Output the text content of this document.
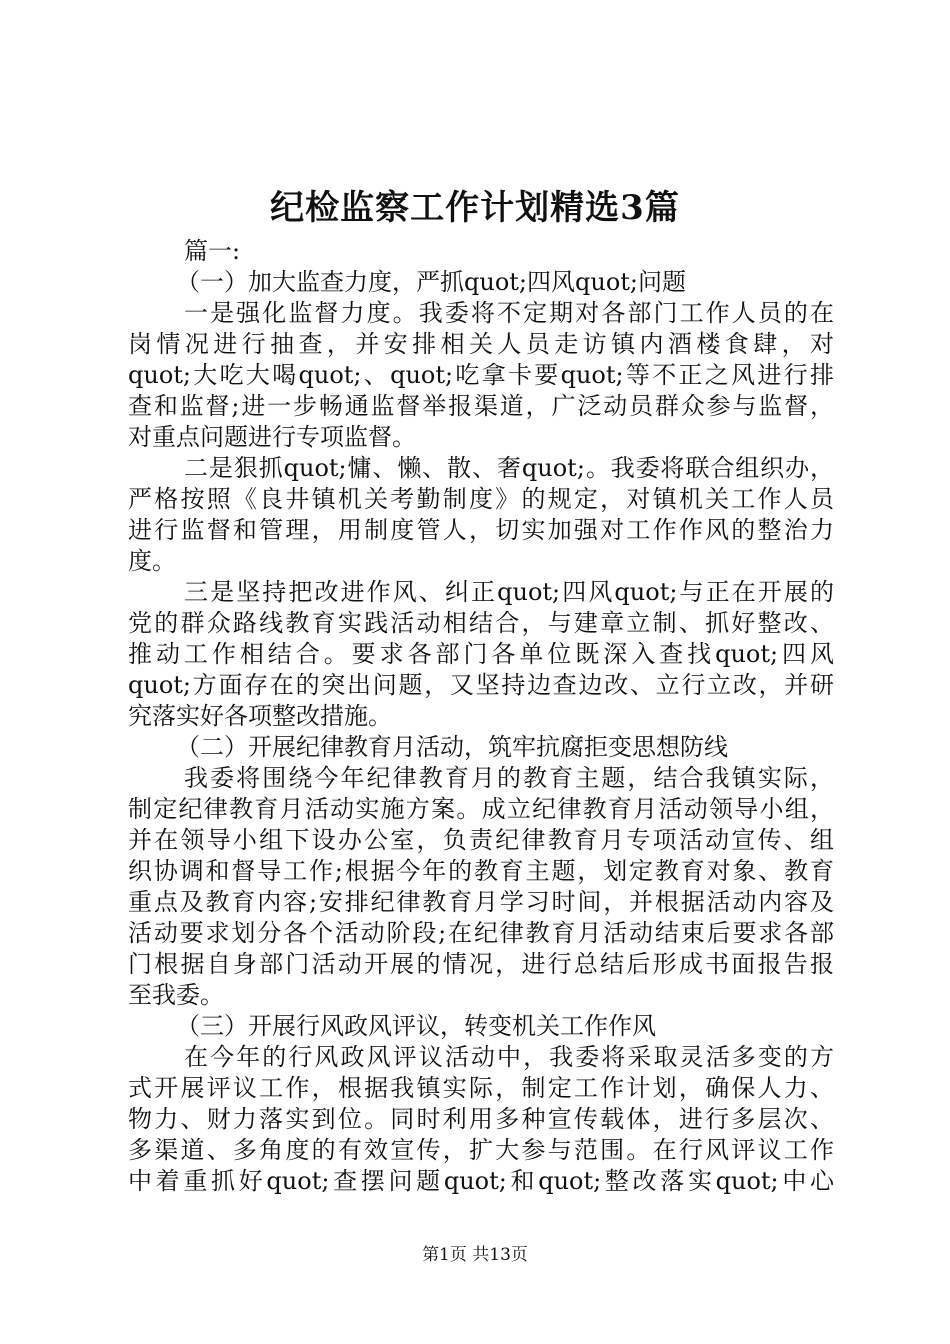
纪检监察工作计划精选3篇
篇一:
（一）加大监查力度，严抓quot;四风quot;问题
一是强化监督力度。我委将不定期对各部门工作人员的在
岗情况进行抽查，并安排相关人员走访镇内酒楼食肆，对
quot;大吃大喝quot;、quot;吃拿卡要quot;等不正之风进行排
查和监督;进一步畅通监督举报渠道，广泛动员群众参与监督，
对重点问题进行专项监督。
二是狠抓quot;慵、懒、散、奢quot;。我委将联合组织办，
严格按照《良井镇机关考勤制度》的规定，对镇机关工作人员
进行监督和管理，用制度管人，切实加强对工作作风的整治力
度。
三是坚持把改进作风、纠正quot;四风quot;与正在开展的
党的群众路线教育实践活动相结合，与建章立制、抓好整改、
推动工作相结合。要求各部门各单位既深入查找quot;四风
quot;方面存在的突出问题，又坚持边查边改、立行立改，并研
究落实好各项整改措施。
（二）开展纪律教育月活动，筑牢抗腐拒变思想防线
我委将围绕今年纪律教育月的教育主题，结合我镇实际，
制定纪律教育月活动实施方案。成立纪律教育月活动领导小组，
并在领导小组下设办公室，负责纪律教育月专项活动宣传、组
织协调和督导工作;根据今年的教育主题，划定教育对象、教育
重点及教育内容;安排纪律教育月学习时间，并根据活动内容及
活动要求划分各个活动阶段;在纪律教育月活动结束后要求各部
门根据自身部门活动开展的情况，进行总结后形成书面报告报
至我委。
（三）开展行风政风评议，转变机关工作作风
在今年的行风政风评议活动中，我委将采取灵活多变的方
式开展评议工作，根据我镇实际，制定工作计划，确保人力、
物力、财力落实到位。同时利用多种宣传载体，进行多层次、
多渠道、多角度的有效宣传，扩大参与范围。在行风评议工作
中着重抓好quot;查摆问题quot;和quot;整改落实quot;中心
第1页 共13页
